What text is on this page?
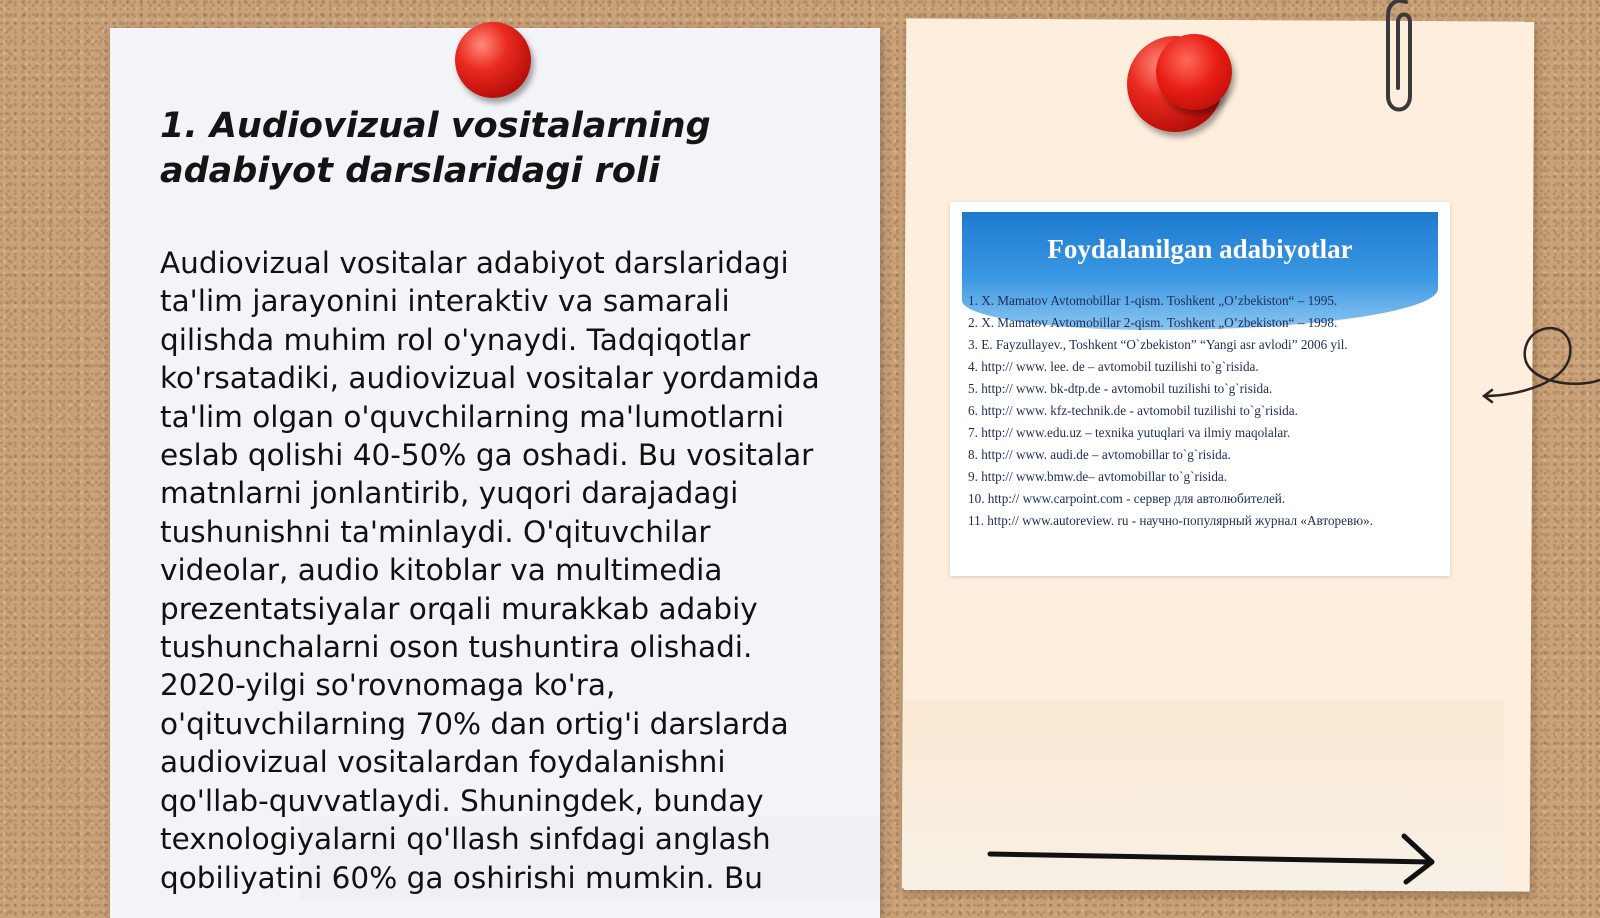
1. Audiovizual vositalarning adabiyot darslaridagi roli

Audiovizual vositalar adabiyot darslaridagi
ta'lim jarayonini interaktiv va samarali
qilishda muhim rol o'ynaydi. Tadqiqotlar
ko'rsatadiki, audiovizual vositalar yordamida
ta'lim olgan o'quvchilarning ma'lumotlarni
eslab qolishi 40-50% ga oshadi. Bu vositalar
matnlarni jonlantirib, yuqori darajadagi
tushunishni ta'minlaydi. O'qituvchilar
videolar, audio kitoblar va multimedia
prezentatsiyalar orqali murakkab adabiy
tushunchalarni oson tushuntira olishadi.
2020-yilgi so'rovnomaga ko'ra,
o'qituvchilarning 70% dan ortig'i darslarda
audiovizual vositalardan foydalanishni
qo'llab-quvvatlaydi. Shuningdek, bunday
texnologiyalarni qo'llash sinfdagi anglash
qobiliyatini 60% ga oshirishi mumkin. Bu

Foydalanilgan adabiyotlar
1. X. Mamatov Avtomobillar 1-qism. Toshkent „O’zbekiston“ – 1995.
2. X. Mamatov Avtomobillar 2-qism. Toshkent „O’zbekiston“ – 1998.
3. E. Fayzullayev., Toshkent “O`zbekiston” “Yangi asr avlodi” 2006 yil.
4. http:// www. lee. de – avtomobil tuzilishi to`g`risida.
5. http:// www. bk-dtp.de - avtomobil tuzilishi to`g`risida.
6. http:// www. kfz-technik.de - avtomobil tuzilishi to`g`risida.
7. http:// www.edu.uz – texnika yutuqlari va ilmiy maqolalar.
8. http:// www. audi.de – avtomobillar to`g`risida.
9. http:// www.bmw.de– avtomobillar to`g`risida.
10. http:// www.carpoint.com - сервер для автолюбителей.
11. http:// www.autoreview. ru - научно-популярный журнал «Авторевю».
